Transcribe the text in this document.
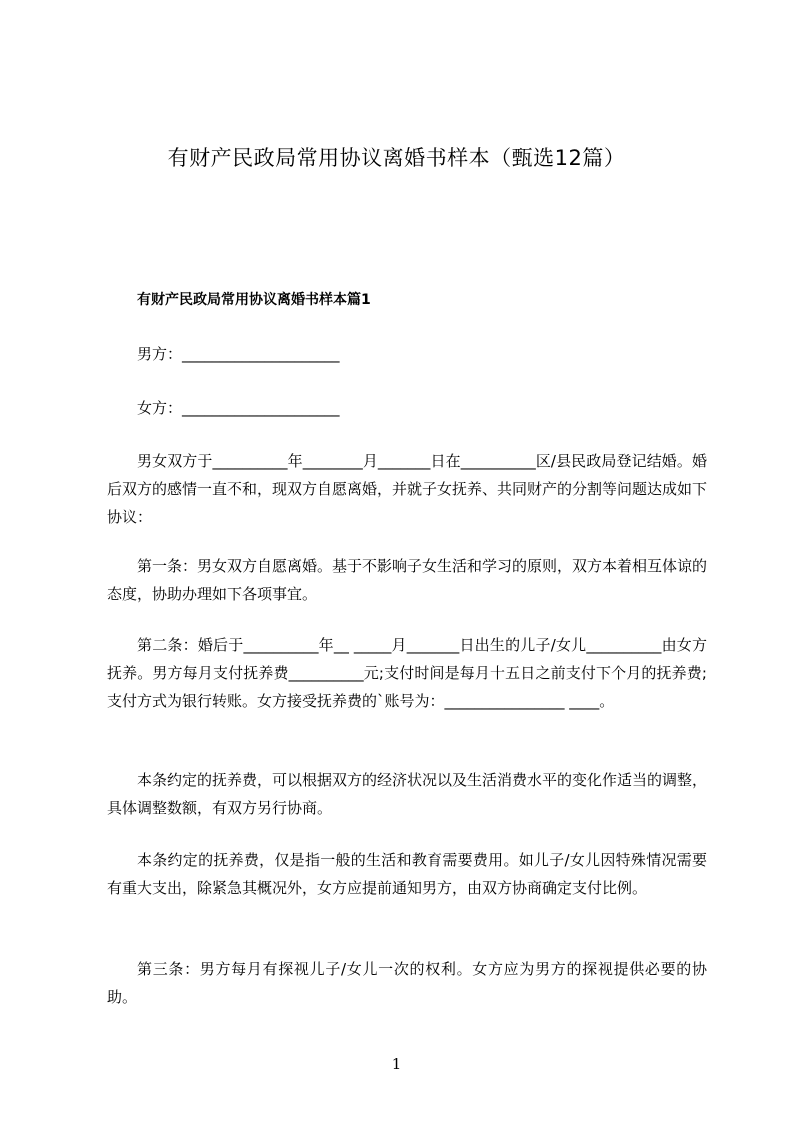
有财产民政局常用协议离婚书样本（甄选12篇）
有财产民政局常用协议离婚书样本篇1

男方：_____________________

女方：_____________________

男女双方于__________年________月_______日在__________区/县民政局登记结婚。婚后双方的感情一直不和，现双方自愿离婚，并就子女抚养、共同财产的分割等问题达成如下协议：

第一条：男女双方自愿离婚。基于不影响子女生活和学习的原则，双方本着相互体谅的态度，协助办理如下各项事宜。

第二条：婚后于__________年__ _____月_______日出生的儿子/女儿__________由女方抚养。男方每月支付抚养费__________元;支付时间是每月十五日之前支付下个月的抚养费;支付方式为银行转账。女方接受抚养费的`账号为：________________ ____。

本条约定的抚养费，可以根据双方的经济状况以及生活消费水平的变化作适当的调整，具体调整数额，有双方另行协商。

本条约定的抚养费，仅是指一般的生活和教育需要费用。如儿子/女儿因特殊情况需要有重大支出，除紧急其概况外，女方应提前通知男方，由双方协商确定支付比例。

第三条：男方每月有探视儿子/女儿一次的权利。女方应为男方的探视提供必要的协助。

1
